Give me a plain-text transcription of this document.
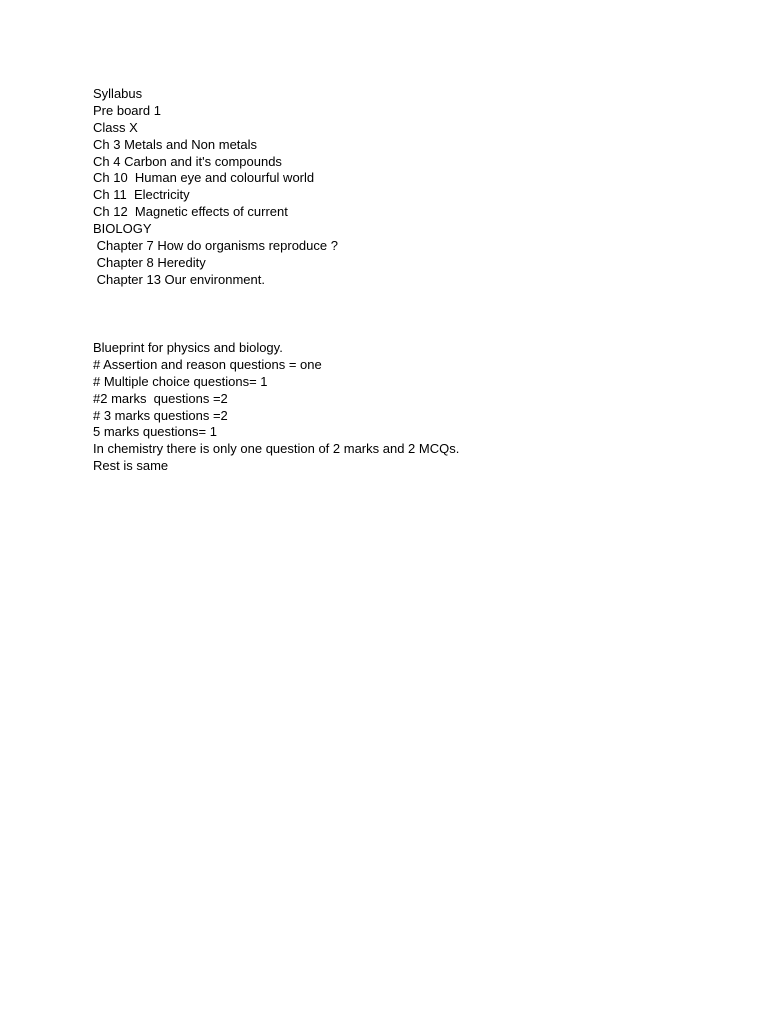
Syllabus
Pre board 1
Class X
Ch 3 Metals and Non metals
Ch 4 Carbon and it's compounds
Ch 10  Human eye and colourful world
Ch 11  Electricity
Ch 12  Magnetic effects of current
BIOLOGY
Chapter 7 How do organisms reproduce ?
Chapter 8 Heredity
Chapter 13 Our environment.
Blueprint for physics and biology.
# Assertion and reason questions = one
# Multiple choice questions= 1
#2 marks  questions =2
# 3 marks questions =2
5 marks questions= 1
In chemistry there is only one question of 2 marks and 2 MCQs.
Rest is same
